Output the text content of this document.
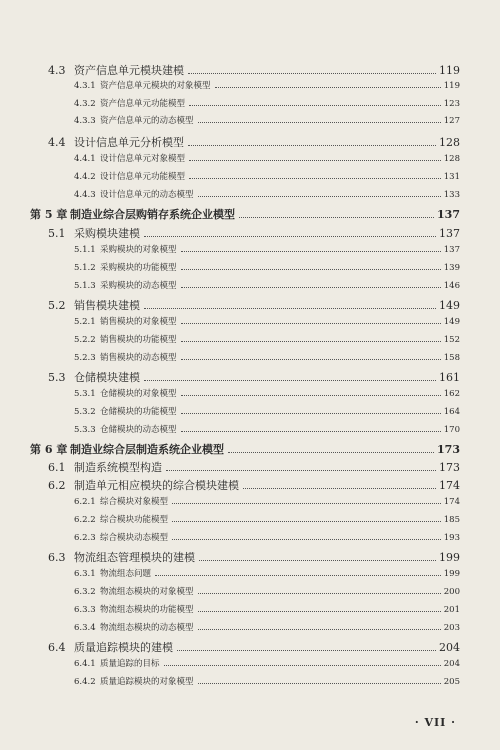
4.3 资产信息单元模块建模	119
4.3.1 资产信息单元模块的对象模型	119
4.3.2 资产信息单元功能模型	123
4.3.3 资产信息单元的动态模型	127
4.4 设计信息单元分析模型	128
4.4.1 设计信息单元对象模型	128
4.4.2 设计信息单元功能模型	131
4.4.3 设计信息单元的动态模型	133
第 5 章 制造业综合层购销存系统企业模型	137
5.1 采购模块建模	137
5.1.1 采购模块的对象模型	137
5.1.2 采购模块的功能模型	139
5.1.3 采购模块的动态模型	146
5.2 销售模块建模	149
5.2.1 销售模块的对象模型	149
5.2.2 销售模块的功能模型	152
5.2.3 销售模块的动态模型	158
5.3 仓储模块建模	161
5.3.1 仓储模块的对象模型	162
5.3.2 仓储模块的功能模型	164
5.3.3 仓储模块的动态模型	170
第 6 章 制造业综合层制造系统企业模型	173
6.1 制造系统模型构造	173
6.2 制造单元相应模块的综合模块建模	174
6.2.1 综合模块对象模型	174
6.2.2 综合模块功能模型	185
6.2.3 综合模块动态模型	193
6.3 物流组态管理模块的建模	199
6.3.1 物流组态问题	199
6.3.2 物流组态模块的对象模型	200
6.3.3 物流组态模块的功能模型	201
6.3.4 物流组态模块的动态模型	203
6.4 质量追踪模块的建模	204
6.4.1 质量追踪的目标	204
6.4.2 质量追踪模块的对象模型	205
· VII ·
